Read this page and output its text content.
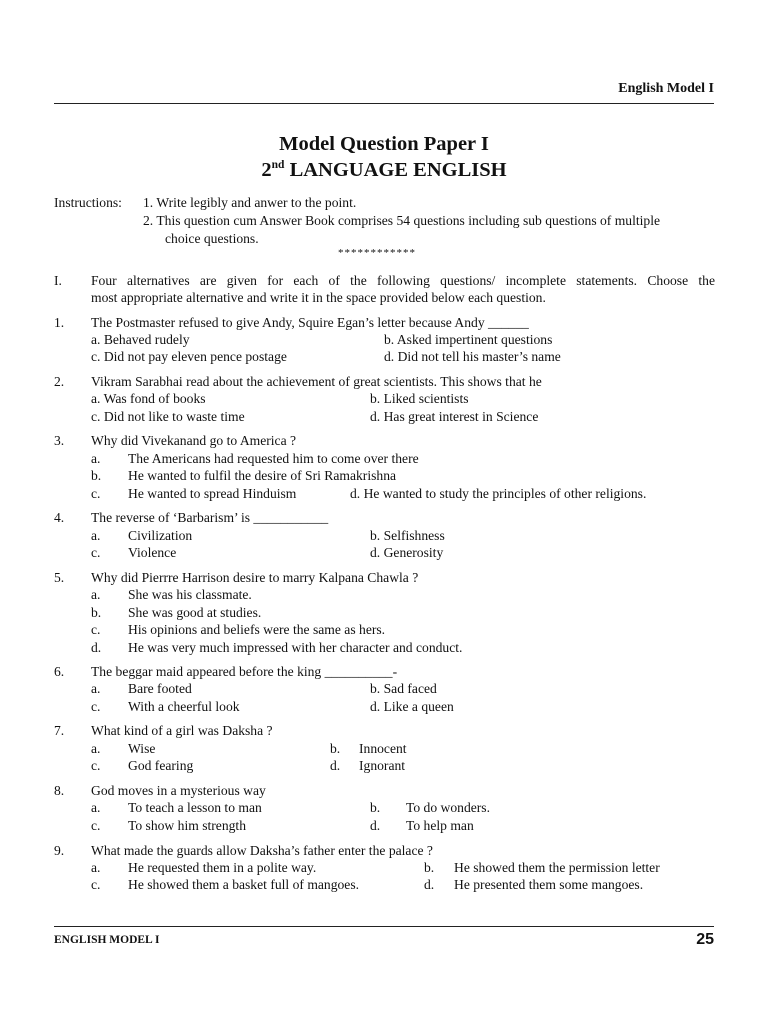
English Model I
Model Question Paper I
2nd LANGUAGE ENGLISH
Instructions: 1. Write legibly and anwer to the point.
2. This question cum Answer Book comprises 54 questions including sub questions of multiple
choice questions.
************
I. Four alternatives are given for each of the following questions/ incomplete statements. Choose the
most appropriate alternative and write it in the space provided below each question.
1. The Postmaster refused to give Andy, Squire Egan’s letter because Andy ______
a. Behaved rudely	b. Asked impertinent questions
c. Did not pay eleven pence postage	d. Did not tell his master’s name
2. Vikram Sarabhai read about the achievement of great scientists. This shows that he
a. Was fond of books	b. Liked scientists
c. Did not like to waste time	d. Has great interest in Science
3. Why did Vivekanand go to America ?
a. The Americans had requested him to come over there
b. He wanted to fulfil the desire of Sri Ramakrishna
c. He wanted to spread Hinduism	d. He wanted to study the principles of other religions.
4. The reverse of ‘Barbarism’ is ___________
a. Civilization	b. Selfishness
c. Violence	d. Generosity
5. Why did Pierrre Harrison desire to marry Kalpana Chawla ?
a. She was his classmate.
b. She was good at studies.
c. His opinions and beliefs were the same as hers.
d. He was very much impressed with her character and conduct.
6. The beggar maid appeared before the king __________-
a. Bare footed	b. Sad faced
c. With a cheerful look	d. Like a queen
7. What kind of a girl was Daksha ?
a. Wise	b. Innocent
c. God fearing	d. Ignorant
8. God moves in a mysterious way
a. To teach a lesson to man	b. To do wonders.
c. To show him strength	d. To help man
9. What made the guards allow Daksha’s father enter the palace ?
a. He requested them in a polite way.	b. He showed them the permission letter
c. He showed them a basket full of mangoes.	d. He presented them some mangoes.
ENGLISH MODEL I	25
